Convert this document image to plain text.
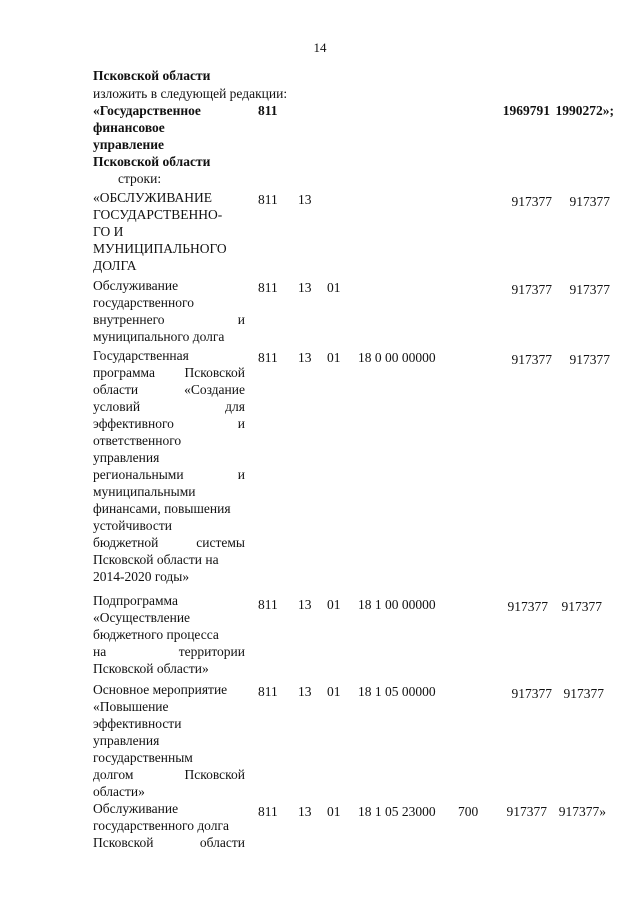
14
Псковской области
изложить в следующей редакции:
«Государственное
финансовое
управление
Псковской области
811	1969791 1990272»;
строки:
«ОБСЛУЖИВАНИЕ
ГОСУДАРСТВЕННО-
ГО И
МУНИЦИПАЛЬНОГО
ДОЛГА
811 13	917377 917377
Обслуживание
государственного
внутреннего	и
муниципального долга
811 13 01	917377 917377
Государственная
программа Псковской
области	«Создание
условий	для
эффективного	и
ответственного
управления
региональными	и
муниципальными
финансами, повышения
устойчивости
бюджетной	системы
Псковской области на
2014-2020 годы»
811 13 01 18 0 00 00000	917377 917377
Подпрограмма
«Осуществление
бюджетного процесса
на	территории
Псковской области»
811 13 01 18 1 00 00000	917377 917377
Основное мероприятие
«Повышение
эффективности
управления
государственным
долгом	Псковской
области»
811 13 01 18 1 05 00000	917377 917377
Обслуживание
государственного долга
Псковской	области
811 13 01 18 1 05 23000 700 917377 917377»
